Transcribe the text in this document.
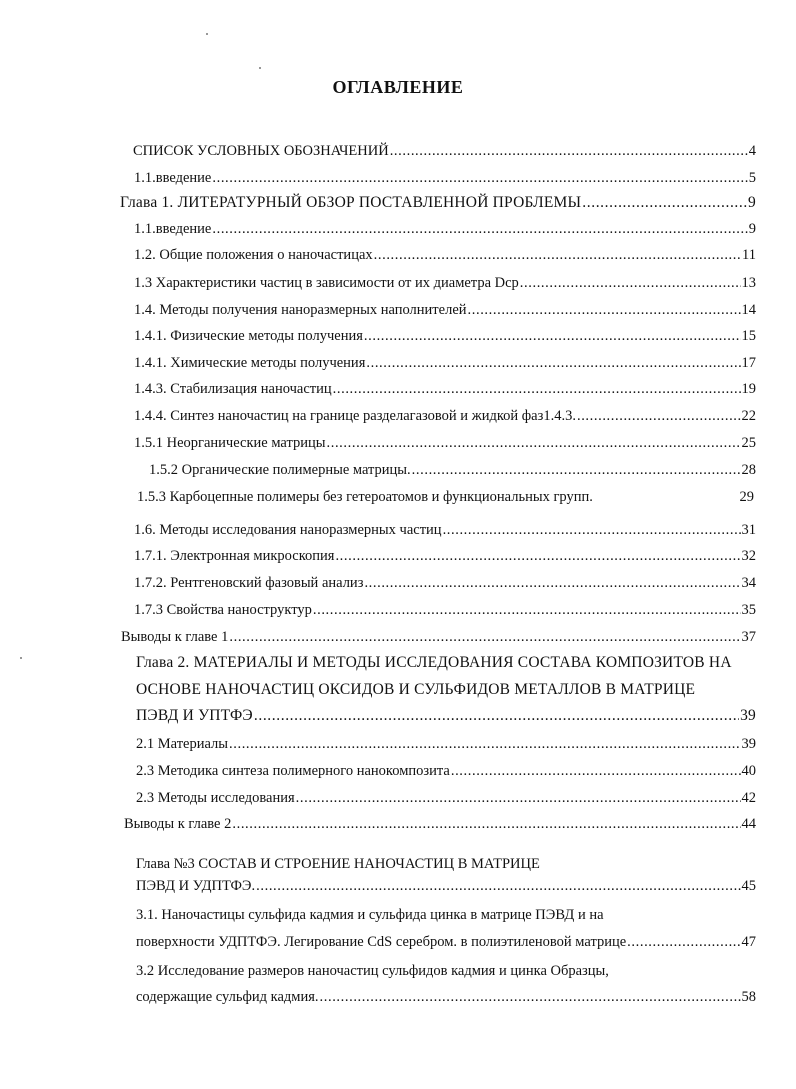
ОГЛАВЛЕНИЕ
СПИСОК УСЛОВНЫХ ОБОЗНАЧЕНИЙ .....	4
1.1.введение .....	5
Глава 1. ЛИТЕРАТУРНЫЙ ОБЗОР ПОСТАВЛЕННОЙ ПРОБЛЕМЫ .....	9
1.1.введение .....	9
1.2. Общие положения о наночастицах .....	11
1.3 Характеристики частиц в зависимости от их диаметра Dcp .....	13
1.4. Методы получения наноразмерных наполнителей .....	14
1.4.1. Физические методы получения .....	15
1.4.1. Химические методы получения .....	17
1.4.3. Стабилизация наночастиц .....	19
1.4.4. Синтез наночастиц на границе разделагазовой и жидкой фаз1.4.3. .....	22
1.5.1 Неорганические матрицы .....	25
1.5.2 Органические полимерные матрицы. .....	28
1.5.3 Карбоцепные полимеры без гетероатомов и функциональных групп.	29
1.6. Методы исследования наноразмерных частиц .....	31
1.7.1. Электронная микроскопия .....	32
1.7.2. Рентгеновский фазовый анализ .....	34
1.7.3 Свойства наноструктур .....	35
Выводы к главе 1 .....	37
Глава 2. МАТЕРИАЛЫ И МЕТОДЫ ИССЛЕДОВАНИЯ СОСТАВА КОМПОЗИТОВ НА
ОСНОВЕ НАНОЧАСТИЦ ОКСИДОВ И СУЛЬФИДОВ МЕТАЛЛОВ В МАТРИЦЕ
ПЭВД И УПТФЭ .....	39
2.1 Материалы .....	39
2.3 Методика синтеза полимерного нанокомпозита .....	40
2.3 Методы исследования .....	42
Выводы к главе 2 .....	44
Глава №3 СОСТАВ И СТРОЕНИЕ НАНОЧАСТИЦ В МАТРИЦЕ
ПЭВД И УДПТФЭ. .....	45
3.1. Наночастицы сульфида кадмия и сульфида цинка в матрице ПЭВД и на
поверхности УДПТФЭ. Легирование CdS серебром. в полиэтиленовой матрице .....	47
3.2 Исследование размеров наночастиц сульфидов кадмия и цинка Образцы,
содержащие сульфид кадмия. .....	58
